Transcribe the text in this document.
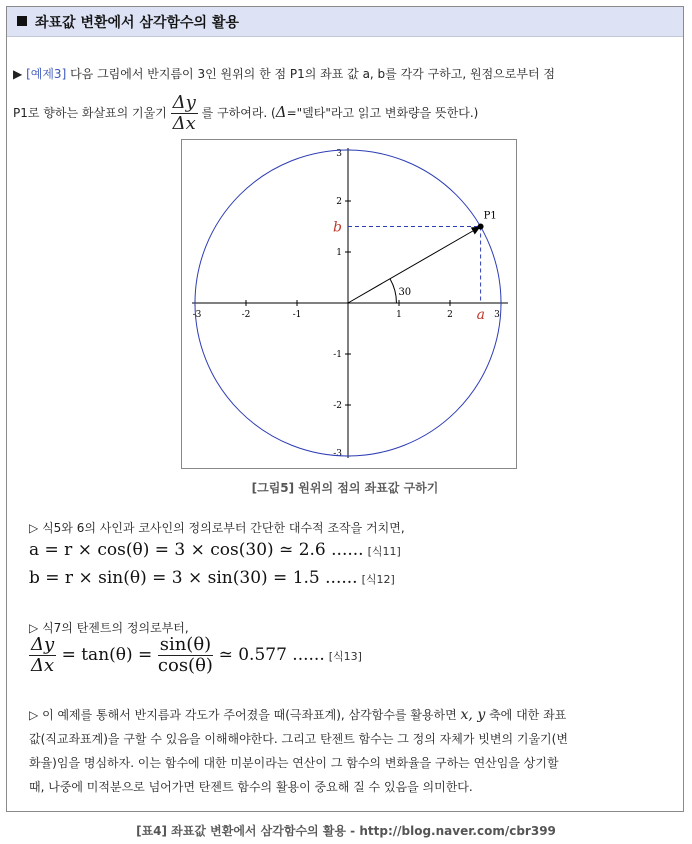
좌표값 변환에서 삼각함수의 활용
▶ [예제3] 다음 그림에서 반지름이 3인 원위의 한 점 P1의 좌표 값 a, b를 각각 구하고, 원점으로부터 점
P1로 향하는 화살표의 기울기 $\frac{\Delta y}{\Delta x}$ 를 구하여라. (Δ="델타"라고 읽고 변화량을 뜻한다.)
-3	-2	-1	1	2	3
3
2
1
-1
-2
-3
P1
30
a
b
[그림5] 원위의 점의 좌표값 구하기
▷ 식5와 6의 사인과 코사인의 정의로부터 간단한 대수적 조작을 거치면,
a = r × cos(θ) = 3 × cos(30) ≃ 2.6 ...... [식11]
b = r × sin(θ) = 3 × sin(30) = 1.5 ...... [식12]
▷ 식7의 탄젠트의 정의로부터,
$\frac{\Delta y}{\Delta x} = \tan(\theta) = \frac{\sin(\theta)}{\cos(\theta)}$ ≃ 0.577 ...... [식13]
▷ 이 예제를 통해서 반지름과 각도가 주어졌을 때(극좌표계), 삼각함수를 활용하면 x, y 축에 대한 좌표
값(직교좌표계)을 구할 수 있음을 이해해야한다. 그리고 탄젠트 함수는 그 정의 자체가 빗변의 기울기(변
화율)임을 명심하자. 이는 함수에 대한 미분이라는 연산이 그 함수의 변화율을 구하는 연산임을 상기할
때, 나중에 미적분으로 넘어가면 탄젠트 함수의 활용이 중요해 질 수 있음을 의미한다.
[표4] 좌표값 변환에서 삼각함수의 활용 - http://blog.naver.com/cbr399
